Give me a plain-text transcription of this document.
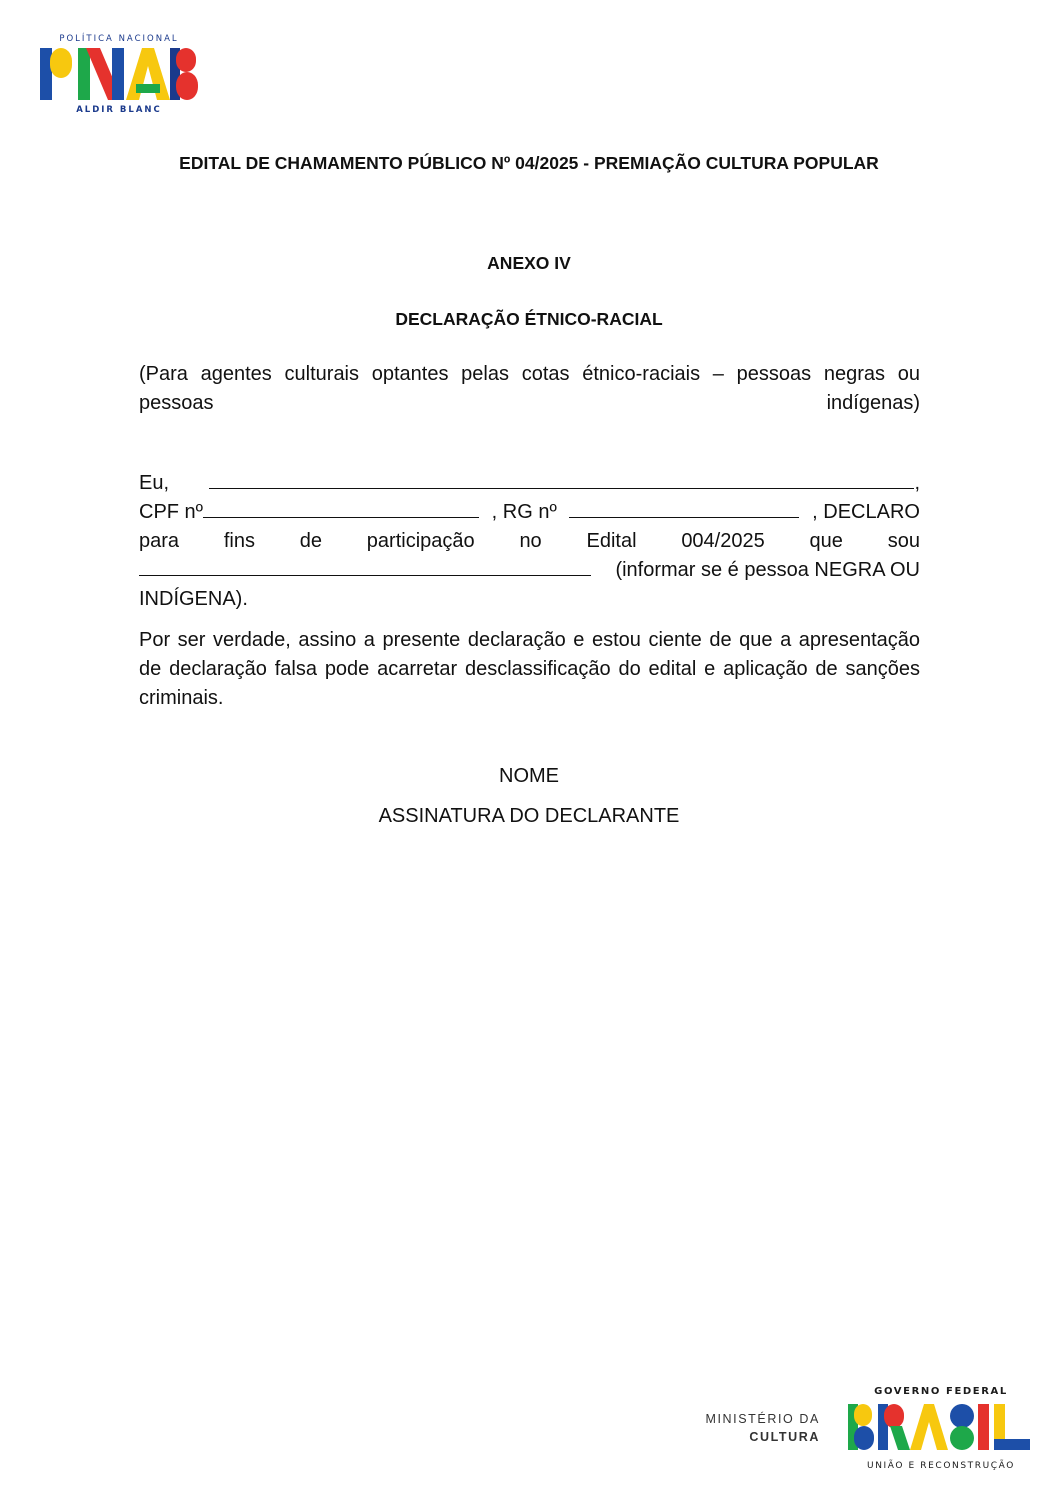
POLÍTICA NACIONAL
ALDIR BLANC
EDITAL DE CHAMAMENTO PÚBLICO Nº 04/2025 - PREMIAÇÃO CULTURA POPULAR
ANEXO IV
DECLARAÇÃO ÉTNICO-RACIAL
(Para agentes culturais optantes pelas cotas étnico-raciais – pessoas negras ou pessoas indígenas)
Eu,	,
CPF nº	, RG nº	, DECLARO
para fins de participação no Edital 004/2025 que sou
(informar se é pessoa NEGRA OU
INDÍGENA).
Por ser verdade, assino a presente declaração e estou ciente de que a apresentação de declaração falsa pode acarretar desclassificação do edital e aplicação de sanções criminais.
NOME
ASSINATURA DO DECLARANTE
MINISTÉRIO DA
CULTURA
GOVERNO FEDERAL
UNIÃO E RECONSTRUÇÃO
